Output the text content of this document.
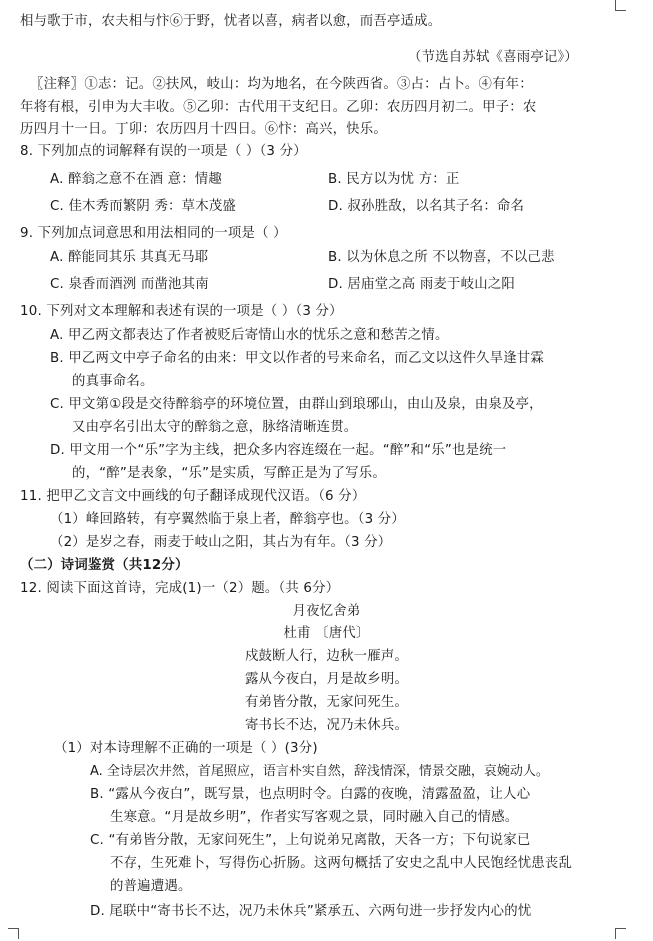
相与歌于市，农夫相与忭⑥于野，忧者以喜，病者以愈，而吾亭适成。
（节选自苏轼《喜雨亭记》）
〖注释〗①志：记。②扶风，岐山：均为地名，在今陕西省。③占：占卜。④有年：
年将有根，引申为大丰收。⑤乙卯：古代用干支纪日。乙卯：农历四月初二。甲子：农
历四月十一日。丁卯：农历四月十四日。⑥忭：高兴，快乐。
8. 下列加点的词解释有误的一项是（ ）（3 分）
A. 醉翁之意不在酒 意：情趣	B. 民方以为忧 方：正
C. 佳木秀而繁阴 秀：草木茂盛	D. 叔孙胜敌，以名其子名：命名
9. 下列加点词意思和用法相同的一项是（ ）
A. 醉能同其乐 其真无马耶	B. 以为休息之所 不以物喜，不以己悲
C. 泉香而酒洌 而凿池其南	D. 居庙堂之高 雨麦于岐山之阳
10. 下列对文本理解和表述有误的一项是（ ）（3 分）
A. 甲乙两文都表达了作者被贬后寄情山水的忧乐之意和愁苦之情。
B. 甲乙两文中亭子命名的由来：甲文以作者的号来命名，而乙文以这件久旱逢甘霖
的真事命名。
C. 甲文第①段是交待醉翁亭的环境位置，由群山到琅琊山，由山及泉，由泉及亭，
又由亭名引出太守的醉翁之意，脉络清晰连贯。
D. 甲文用一个“乐”字为主线，把众多内容连缀在一起。“醉”和“乐”也是统一
的，“醉”是表象，“乐”是实质，写醉正是为了写乐。
11. 把甲乙文言文中画线的句子翻译成现代汉语。（6 分）
（1）峰回路转，有亭翼然临于泉上者，醉翁亭也。（3 分）
（2）是岁之春，雨麦于岐山之阳，其占为有年。（3 分）
（二）诗词鉴赏（共12分）
12. 阅读下面这首诗，完成(1)一（2）题。（共 6分）
月夜忆舍弟
杜甫 〔唐代〕
戍鼓断人行，边秋一雁声。
露从今夜白，月是故乡明。
有弟皆分散，无家问死生。
寄书长不达，况乃未休兵。
（1）对本诗理解不正确的一项是（ ）(3分)
A. 全诗层次井然，首尾照应，语言朴实自然，辞浅情深，情景交融，哀婉动人。
B. “露从今夜白”，既写景，也点明时令。白露的夜晚，清露盈盈，让人心
生寒意。“月是故乡明”，作者实写客观之景，同时融入自己的情感。
C. “有弟皆分散，无家问死生”，上句说弟兄离散，天各一方；下句说家已
不存，生死难卜，写得伤心折肠。这两句概括了安史之乱中人民饱经忧患丧乱
的普遍遭遇。
D. 尾联中“寄书长不达，况乃未休兵”紧承五、六两句进一步抒发内心的忧
